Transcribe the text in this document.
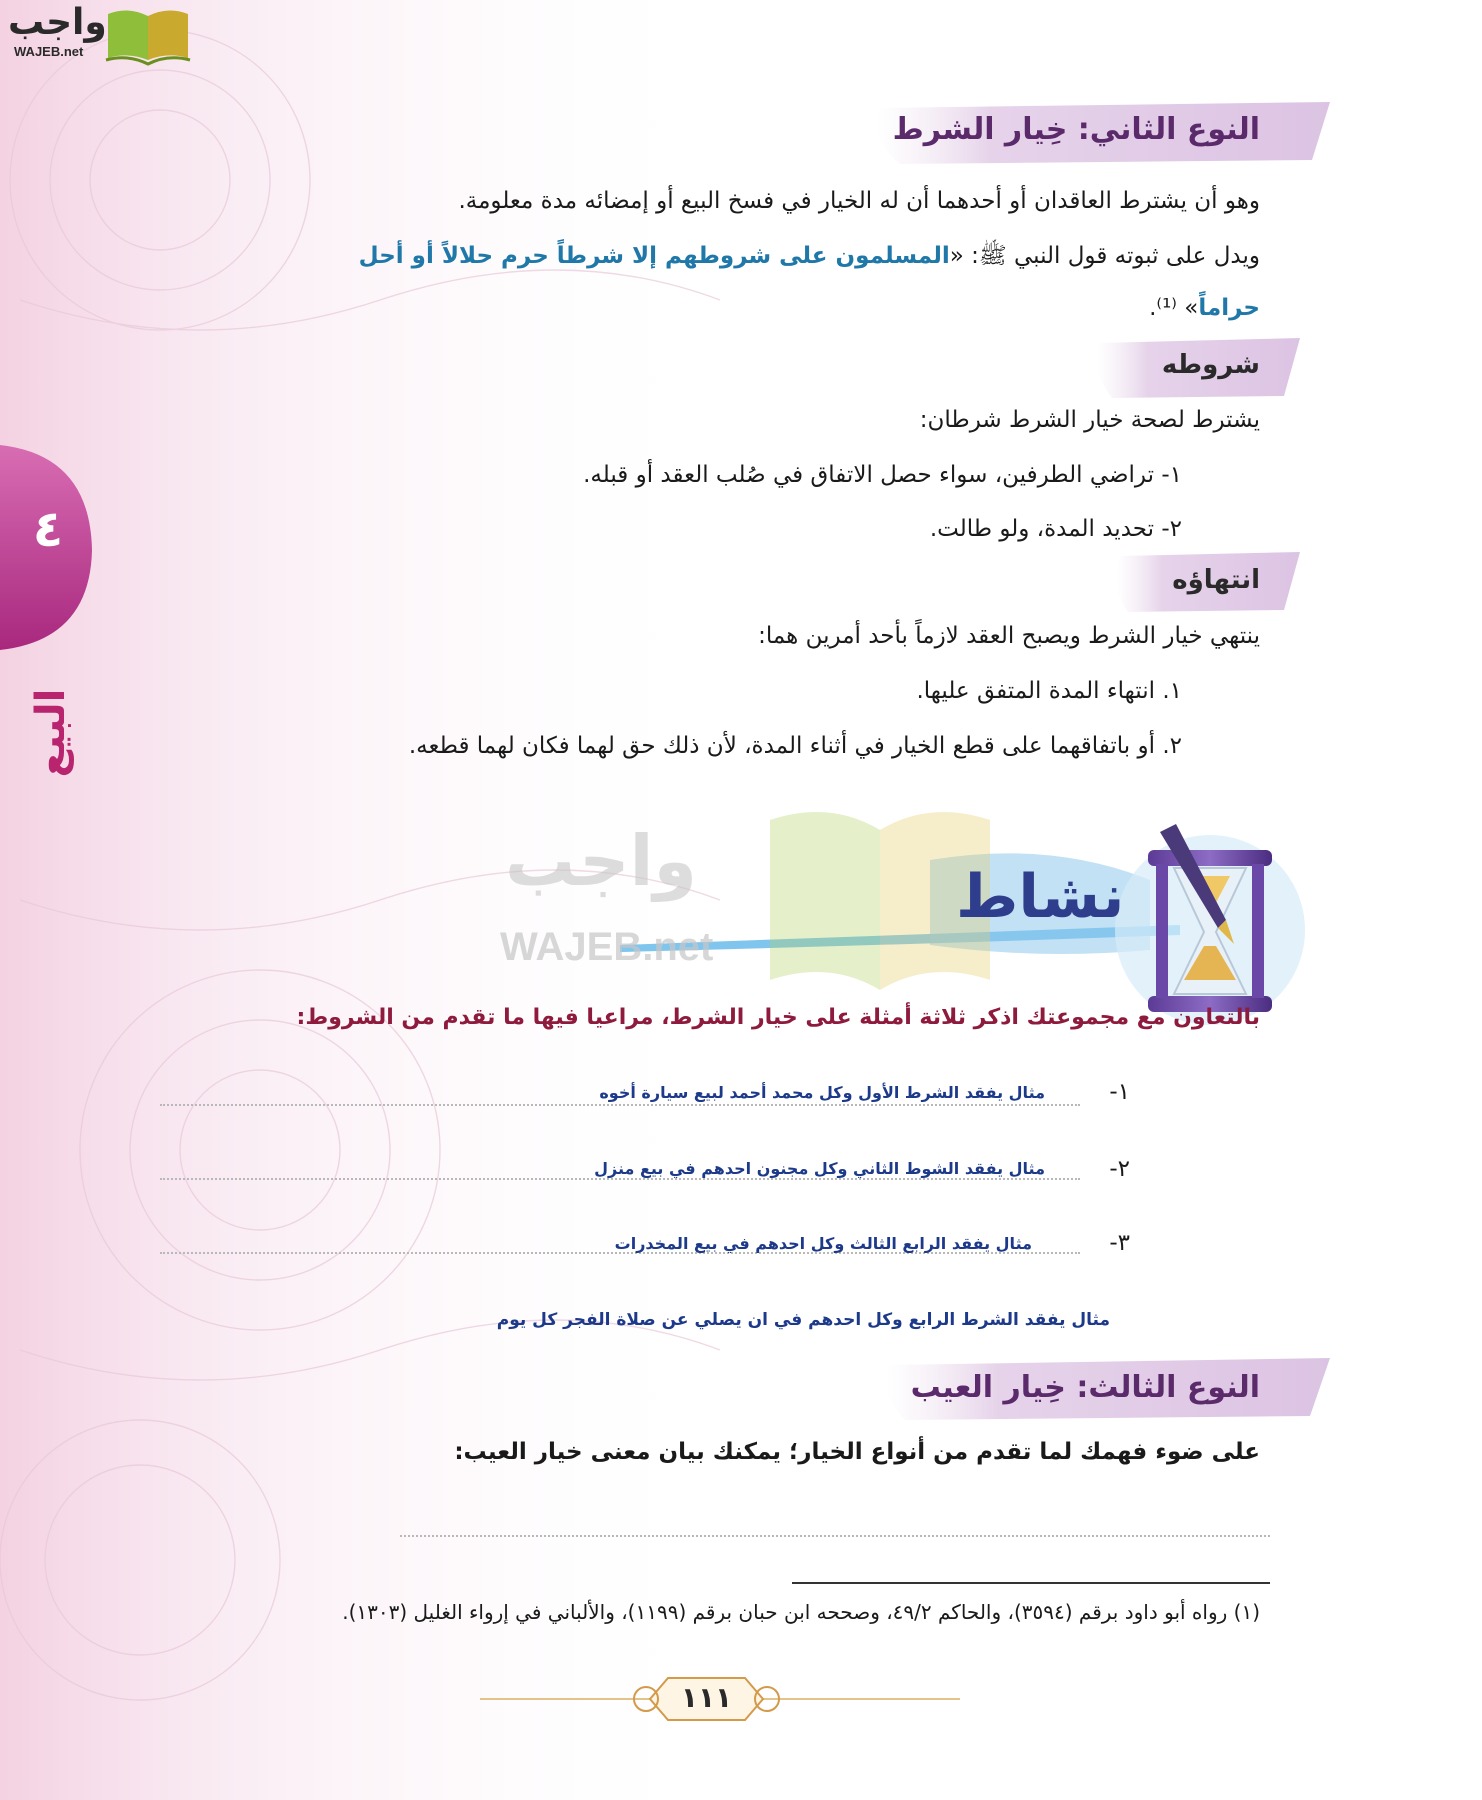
واجب
WAJEB.net
٤
البيع
النوع الثاني: خِيار الشرط
وهو أن يشترط العاقدان أو أحدهما أن له الخيار في فسخ البيع أو إمضائه مدة معلومة.
ويدل على ثبوته قول النبي ﷺ: «المسلمون على شروطهم إلا شرطاً حرم حلالاً أو أحل
حراماً» ⁽¹⁾.
شروطه
يشترط لصحة خيار الشرط شرطان:
١- تراضي الطرفين، سواء حصل الاتفاق في صُلب العقد أو قبله.
٢- تحديد المدة، ولو طالت.
انتهاؤه
ينتهي خيار الشرط ويصبح العقد لازماً بأحد أمرين هما:
١. انتهاء المدة المتفق عليها.
٢. أو باتفاقهما على قطع الخيار في أثناء المدة، لأن ذلك حق لهما فكان لهما قطعه.
واجب
WAJEB.net
نشاط
بالتعاون مع مجموعتك اذكر ثلاثة أمثلة على خيار الشرط، مراعيا فيها ما تقدم من الشروط:
١-
مثال يفقد الشرط الأول وكل محمد أحمد لبيع سيارة أخوه
٢-
مثال يفقد الشوط الثاني وكل مجنون احدهم في بيع منزل
٣-
مثال يفقد الرابع الثالث وكل احدهم في بيع المخدرات
مثال يفقد الشرط الرابع وكل احدهم في ان يصلي عن صلاة الفجر كل يوم
النوع الثالث: خِيار العيب
على ضوء فهمك لما تقدم من أنواع الخيار؛ يمكنك بيان معنى خيار العيب:
(١) رواه أبو داود برقم (٣٥٩٤)، والحاكم ٤٩/٢، وصححه ابن حبان برقم (١١٩٩)، والألباني في إرواء الغليل (١٣٠٣).
١١١
